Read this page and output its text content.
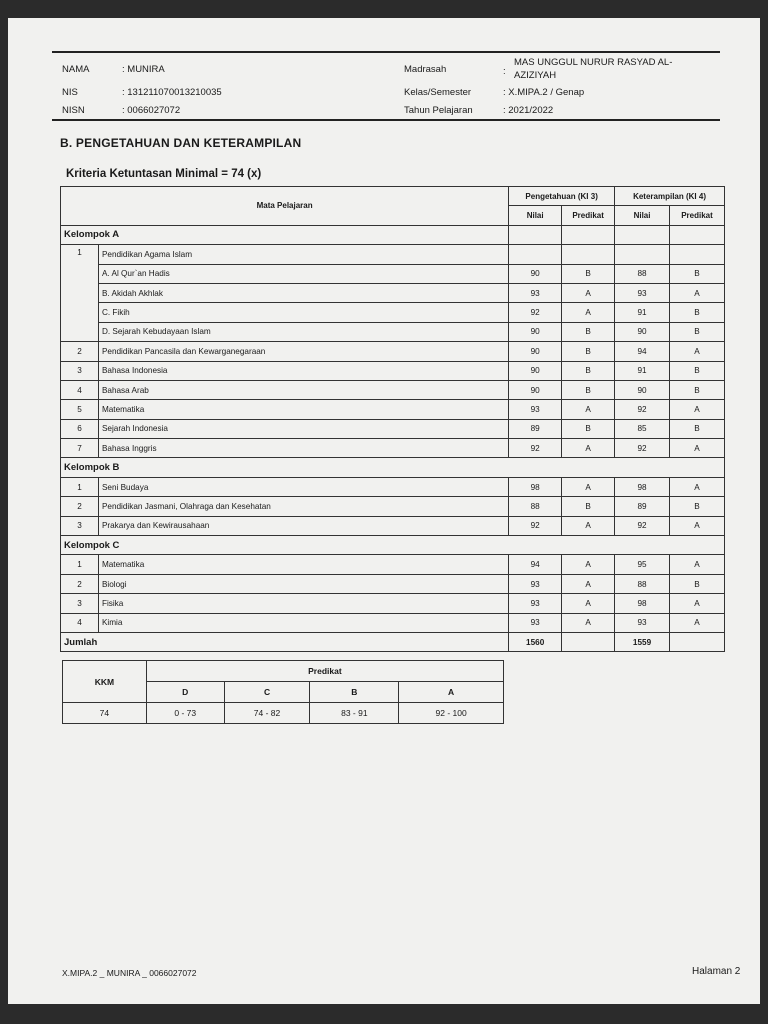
NAMA	: MUNIRA
NIS	: 131211070013210035
NISN	: 0066027072
Madrasah	:
MAS UNGGUL NURUR RASYAD AL-
AZIZIYAH
Kelas/Semester	: X.MIPA.2 / Genap
Tahun Pelajaran	: 2021/2022
B. PENGETAHUAN DAN KETERAMPILAN
Kriteria Ketuntasan Minimal = 74 (x)
Mata Pelajaran		Pengetahuan (KI 3)		Keterampilan (KI 4)	
		Nilai	Predikat	Nilai	Predikat
Kelompok A					
1	Pendidikan Agama Islam				
	A. Al Qur`an Hadis	90	B	88	B
	B. Akidah Akhlak	93	A	93	A
	C. Fikih	92	A	91	B
	D. Sejarah Kebudayaan Islam	90	B	90	B
2	Pendidikan Pancasila dan Kewarganegaraan	90	B	94	A
3	Bahasa Indonesia	90	B	91	B
4	Bahasa Arab	90	B	90	B
5	Matematika	93	A	92	A
6	Sejarah Indonesia	89	B	85	B
7	Bahasa Inggris	92	A	92	A
Kelompok B					
1	Seni Budaya	98	A	98	A
2	Pendidikan Jasmani, Olahraga dan Kesehatan	88	B	89	B
3	Prakarya dan Kewirausahaan	92	A	92	A
Kelompok C					
1	Matematika	94	A	95	A
2	Biologi	93	A	88	B
3	Fisika	93	A	98	A
4	Kimia	93	A	93	A
Jumlah		1560		1559	
KKM	Predikat			
	D	C	B	A
74	0 - 73	74 - 82	83 - 91	92 - 100
X.MIPA.2 _ MUNIRA _ 0066027072	Halaman 2
